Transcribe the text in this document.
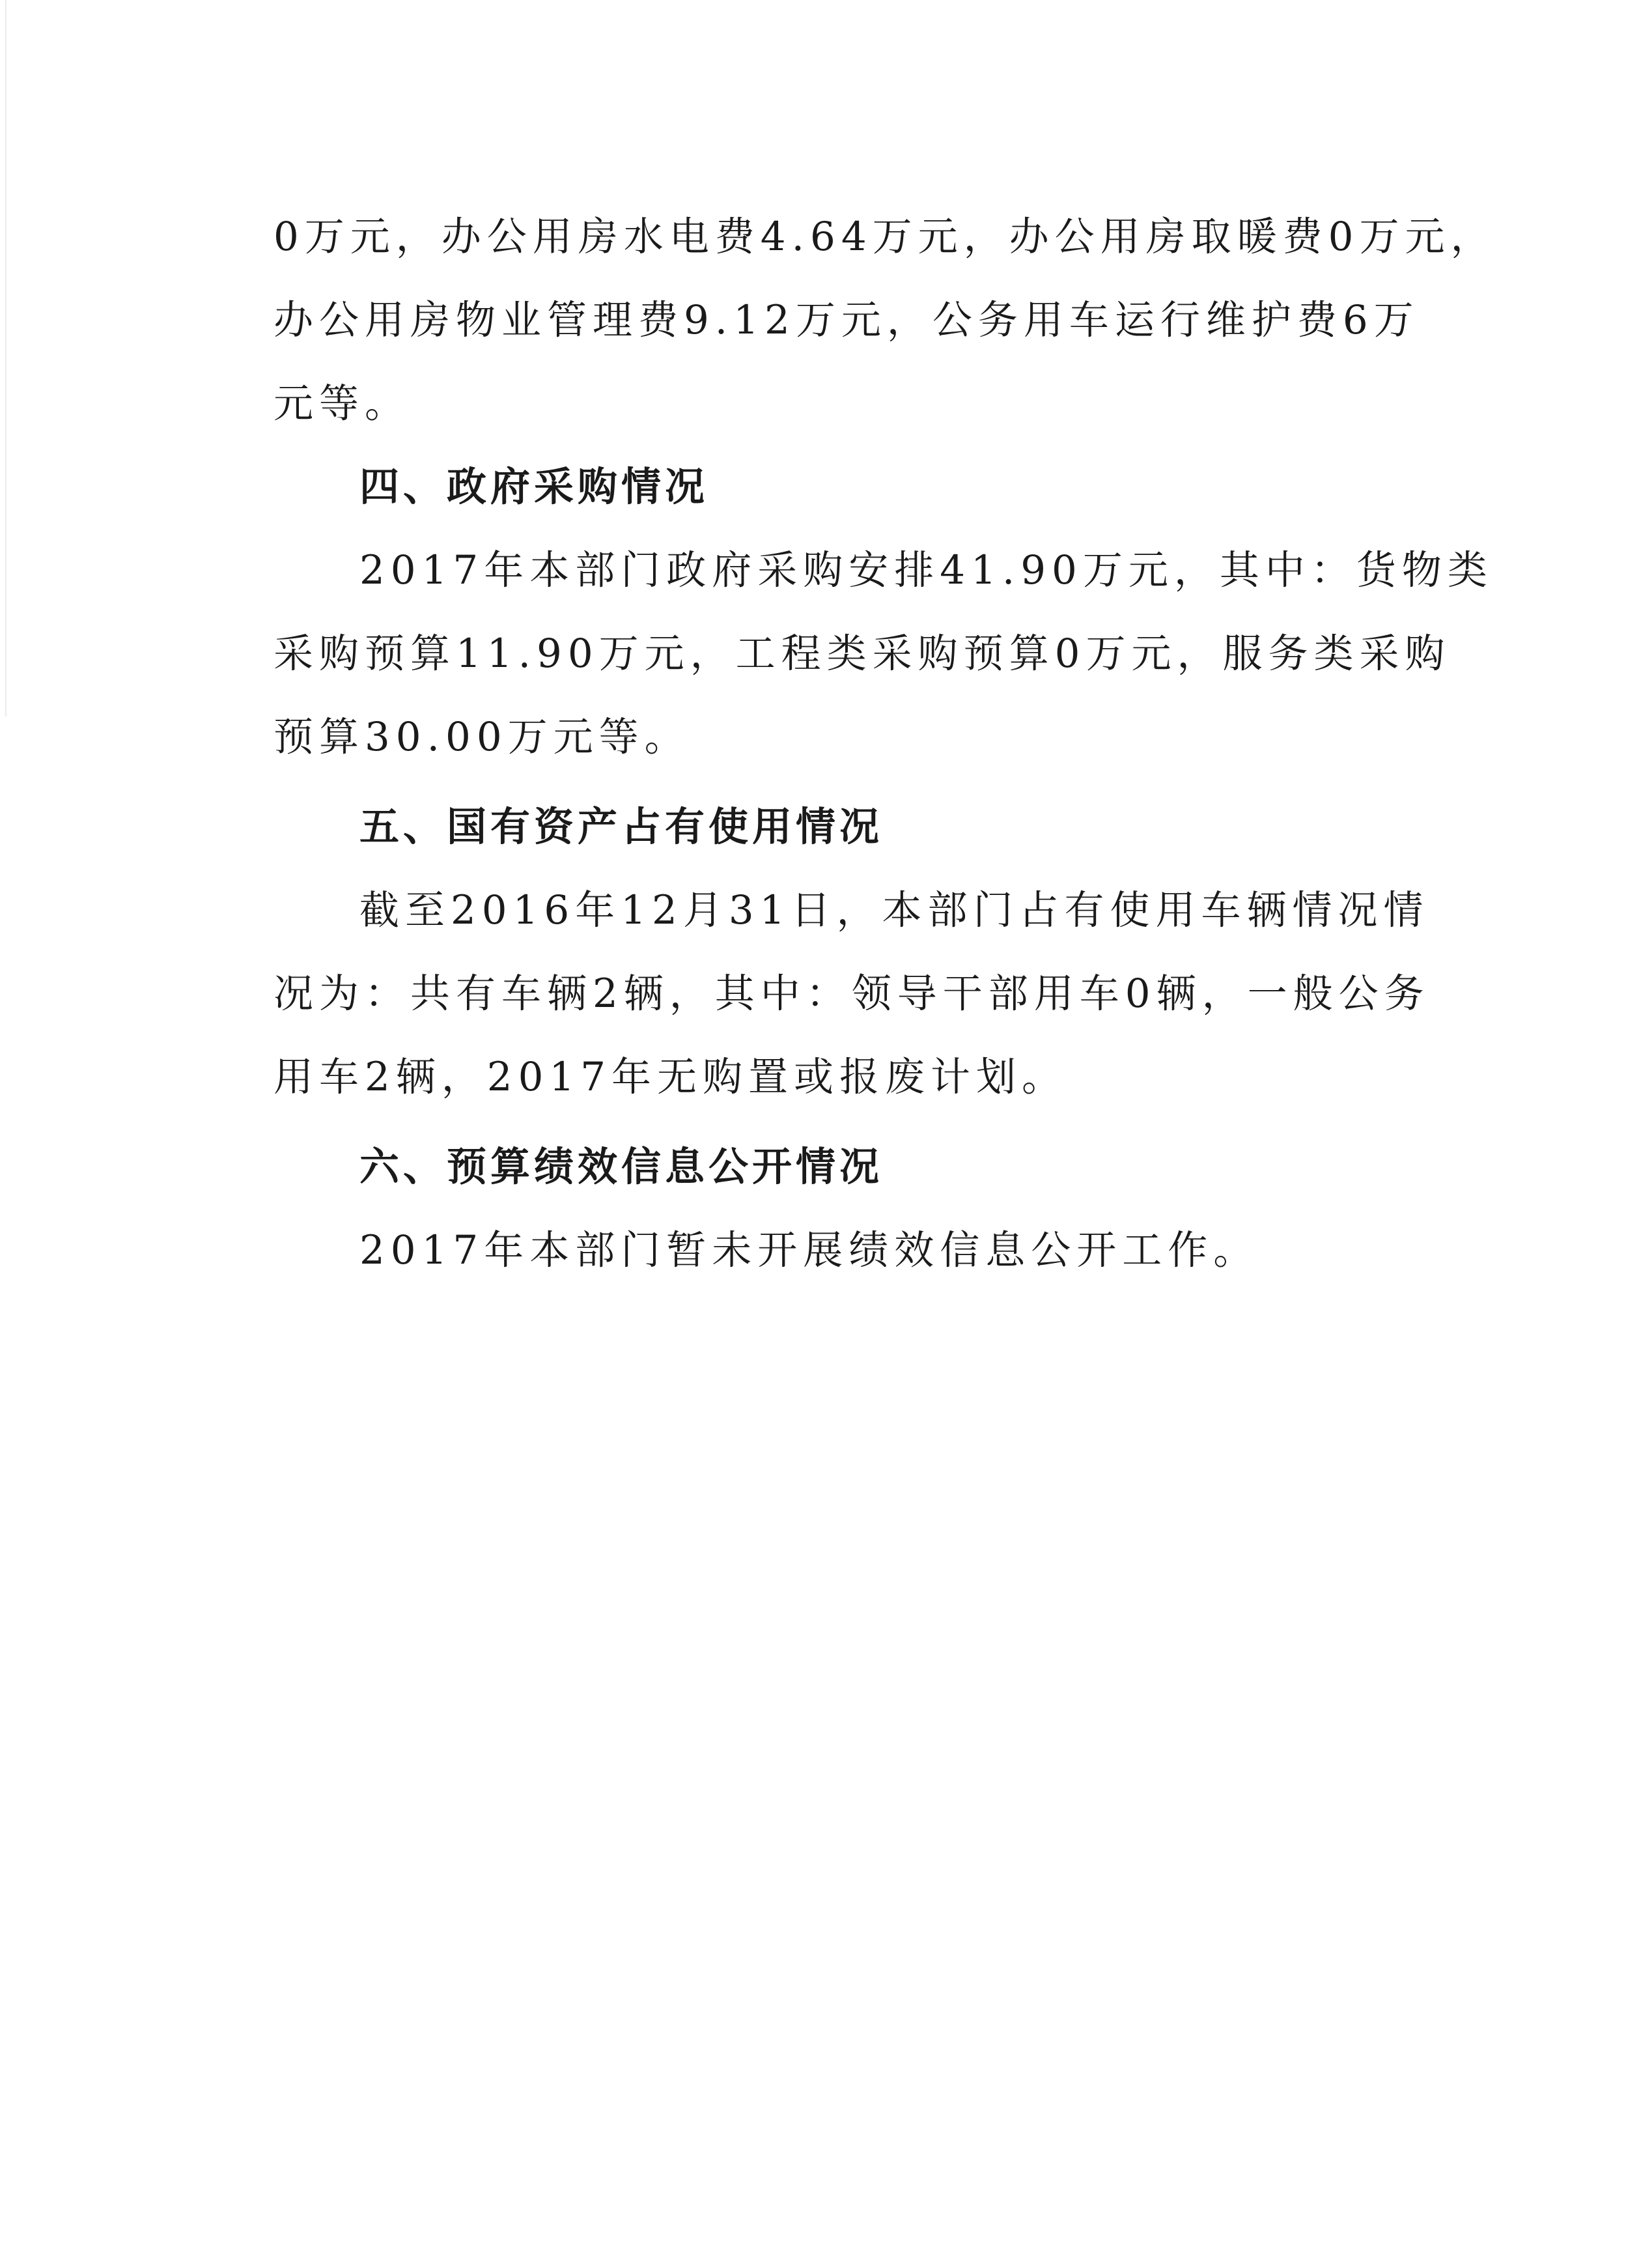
0万元，办公用房水电费4.64万元，办公用房取暖费0万元，
办公用房物业管理费9.12万元，公务用车运行维护费6万
元等。
四、政府采购情况
2017年本部门政府采购安排41.90万元，其中：货物类
采购预算11.90万元，工程类采购预算0万元，服务类采购
预算30.00万元等。
五、国有资产占有使用情况
截至2016年12月31日，本部门占有使用车辆情况情
况为：共有车辆2辆，其中：领导干部用车0辆，一般公务
用车2辆，2017年无购置或报废计划。
六、预算绩效信息公开情况
2017年本部门暂未开展绩效信息公开工作。
